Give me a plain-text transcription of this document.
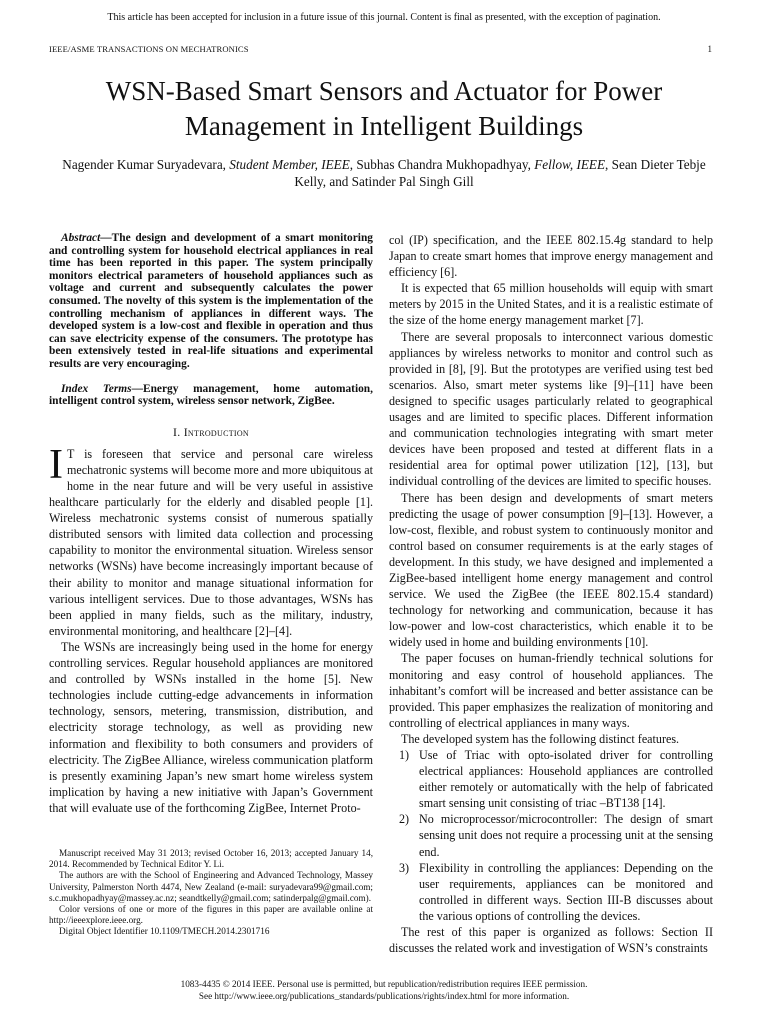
This article has been accepted for inclusion in a future issue of this journal. Content is final as presented, with the exception of pagination.
IEEE/ASME TRANSACTIONS ON MECHATRONICS	1
WSN-Based Smart Sensors and Actuator for Power Management in Intelligent Buildings
Nagender Kumar Suryadevara, Student Member, IEEE, Subhas Chandra Mukhopadhyay, Fellow, IEEE, Sean Dieter Tebje Kelly, and Satinder Pal Singh Gill

Abstract—The design and development of a smart monitoring and controlling system for household electrical appliances in real time has been reported in this paper. The system principally monitors electrical parameters of household appliances such as voltage and current and subsequently calculates the power consumed. The novelty of this system is the implementation of the controlling mechanism of appliances in different ways. The developed system is a low-cost and flexible in operation and thus can save electricity expense of the consumers. The prototype has been extensively tested in real-life situations and experimental results are very encouraging.

Index Terms—Energy management, home automation, intelligent control system, wireless sensor network, ZigBee.

I. Introduction

I T is foreseen that service and personal care wireless mechatronic systems will become more and more ubiquitous at home in the near future and will be very useful in assistive healthcare particularly for the elderly and disabled people [1]. Wireless mechatronic systems consist of numerous spatially distributed sensors with limited data collection and processing capability to monitor the environmental situation. Wireless sensor networks (WSNs) have become increasingly important because of their ability to monitor and manage situational information for various intelligent services. Due to those advantages, WSNs has been applied in many fields, such as the military, industry, environmental monitoring, and healthcare [2]–[4].

The WSNs are increasingly being used in the home for energy controlling services. Regular household appliances are monitored and controlled by WSNs installed in the home [5]. New technologies include cutting-edge advancements in information technology, sensors, metering, transmission, distribution, and electricity storage technology, as well as providing new information and flexibility to both consumers and providers of electricity. The ZigBee Alliance, wireless communication platform is presently examining Japan’s new smart home wireless system implication by having a new initiative with Japan’s Government that will evaluate use of the forthcoming ZigBee, Internet Proto-

Manuscript received May 31 2013; revised October 16, 2013; accepted January 14, 2014. Recommended by Technical Editor Y. Li.

The authors are with the School of Engineering and Advanced Technology, Massey University, Palmerston North 4474, New Zealand (e-mail: suryadevara99@gmail.com; s.c.mukhopadhyay@massey.ac.nz; seandtkelly@gmail.com; satinderpalg@gmail.com).

Color versions of one or more of the figures in this paper are available online at http://ieeexplore.ieee.org.

Digital Object Identifier 10.1109/TMECH.2014.2301716

col (IP) specification, and the IEEE 802.15.4g standard to help Japan to create smart homes that improve energy management and efficiency [6].

It is expected that 65 million households will equip with smart meters by 2015 in the United States, and it is a realistic estimate of the size of the home energy management market [7].

There are several proposals to interconnect various domestic appliances by wireless networks to monitor and control such as provided in [8], [9]. But the prototypes are verified using test bed scenarios. Also, smart meter systems like [9]–[11] have been designed to specific usages particularly related to geographical usages and are limited to specific places. Different information and communication technologies integrating with smart meter devices have been proposed and tested at different flats in a residential area for optimal power utilization [12], [13], but individual controlling of the devices are limited to specific houses.

There has been design and developments of smart meters predicting the usage of power consumption [9]–[13]. However, a low-cost, flexible, and robust system to continuously monitor and control based on consumer requirements is at the early stages of development. In this study, we have designed and implemented a ZigBee-based intelligent home energy management and control service. We used the ZigBee (the IEEE 802.15.4 standard) technology for networking and communication, because it has low-power and low-cost characteristics, which enable it to be widely used in home and building environments [10].

The paper focuses on human-friendly technical solutions for monitoring and easy control of household appliances. The inhabitant’s comfort will be increased and better assistance can be provided. This paper emphasizes the realization of monitoring and controlling of electrical appliances in many ways.

The developed system has the following distinct features.

1) Use of Triac with opto-isolated driver for controlling electrical appliances: Household appliances are controlled either remotely or automatically with the help of fabricated smart sensing unit consisting of triac –BT138 [14].
2) No microprocessor/microcontroller: The design of smart sensing unit does not require a processing unit at the sensing end.
3) Flexibility in controlling the appliances: Depending on the user requirements, appliances can be monitored and controlled in different ways. Section III-B discusses about the various options of controlling the devices.

The rest of this paper is organized as follows: Section II discusses the related work and investigation of WSN’s constraints

1083-4435 © 2014 IEEE. Personal use is permitted, but republication/redistribution requires IEEE permission.
See http://www.ieee.org/publications_standards/publications/rights/index.html for more information.
